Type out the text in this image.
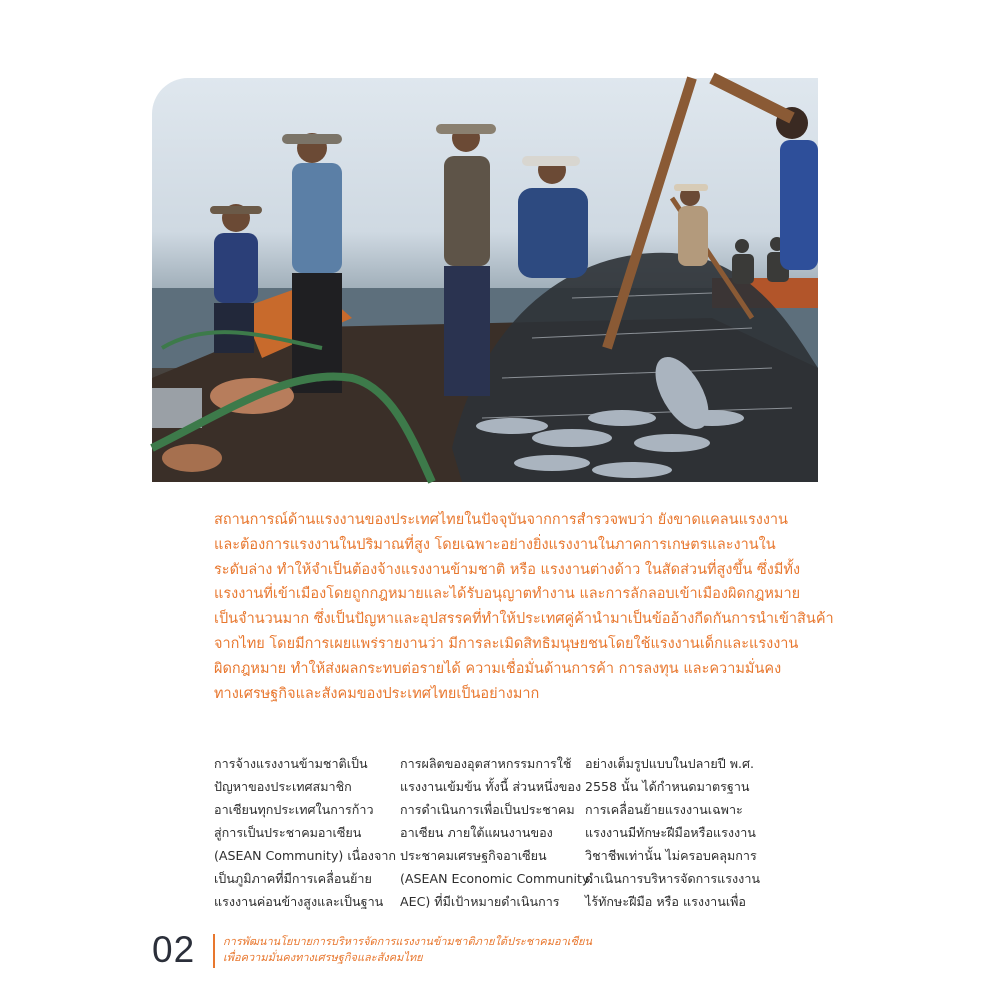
สถานการณ์ด้านแรงงานของประเทศไทยในปัจจุบันจากการสำรวจพบว่า ยังขาดแคลนแรงงาน
และต้องการแรงงานในปริมาณที่สูง โดยเฉพาะอย่างยิ่งแรงงานในภาคการเกษตรและงานใน
ระดับล่าง ทำให้จำเป็นต้องจ้างแรงงานข้ามชาติ หรือ แรงงานต่างด้าว ในสัดส่วนที่สูงขึ้น ซึ่งมีทั้ง
แรงงานที่เข้าเมืองโดยถูกกฎหมายและได้รับอนุญาตทำงาน และการลักลอบเข้าเมืองผิดกฎหมาย
เป็นจำนวนมาก ซึ่งเป็นปัญหาและอุปสรรคที่ทำให้ประเทศคู่ค้านำมาเป็นข้ออ้างกีดกันการนำเข้าสินค้า
จากไทย โดยมีการเผยแพร่รายงานว่า มีการละเมิดสิทธิมนุษยชนโดยใช้แรงงานเด็กและแรงงาน
ผิดกฎหมาย ทำให้ส่งผลกระทบต่อรายได้ ความเชื่อมั่นด้านการค้า การลงทุน และความมั่นคง
ทางเศรษฐกิจและสังคมของประเทศไทยเป็นอย่างมาก
การจ้างแรงงานข้ามชาติเป็น
ปัญหาของประเทศสมาชิก
อาเซียนทุกประเทศในการก้าว
สู่การเป็นประชาคมอาเซียน
(ASEAN Community) เนื่องจาก
เป็นภูมิภาคที่มีการเคลื่อนย้าย
แรงงานค่อนข้างสูงและเป็นฐาน
การผลิตของอุตสาหกรรมการใช้
แรงงานเข้มข้น ทั้งนี้ ส่วนหนึ่งของ
การดำเนินการเพื่อเป็นประชาคม
อาเซียน ภายใต้แผนงานของ
ประชาคมเศรษฐกิจอาเซียน
(ASEAN Economic Community:
AEC) ที่มีเป้าหมายดำเนินการ
อย่างเต็มรูปแบบในปลายปี พ.ศ.
2558 นั้น ได้กำหนดมาตรฐาน
การเคลื่อนย้ายแรงงานเฉพาะ
แรงงานมีทักษะฝีมือหรือแรงงาน
วิชาชีพเท่านั้น ไม่ครอบคลุมการ
ดำเนินการบริหารจัดการแรงงาน
ไร้ทักษะฝีมือ หรือ แรงงานเพื่อ
02	การพัฒนานโยบายการบริหารจัดการแรงงานข้ามชาติภายใต้ประชาคมอาเซียน
เพื่อความมั่นคงทางเศรษฐกิจและสังคมไทย
